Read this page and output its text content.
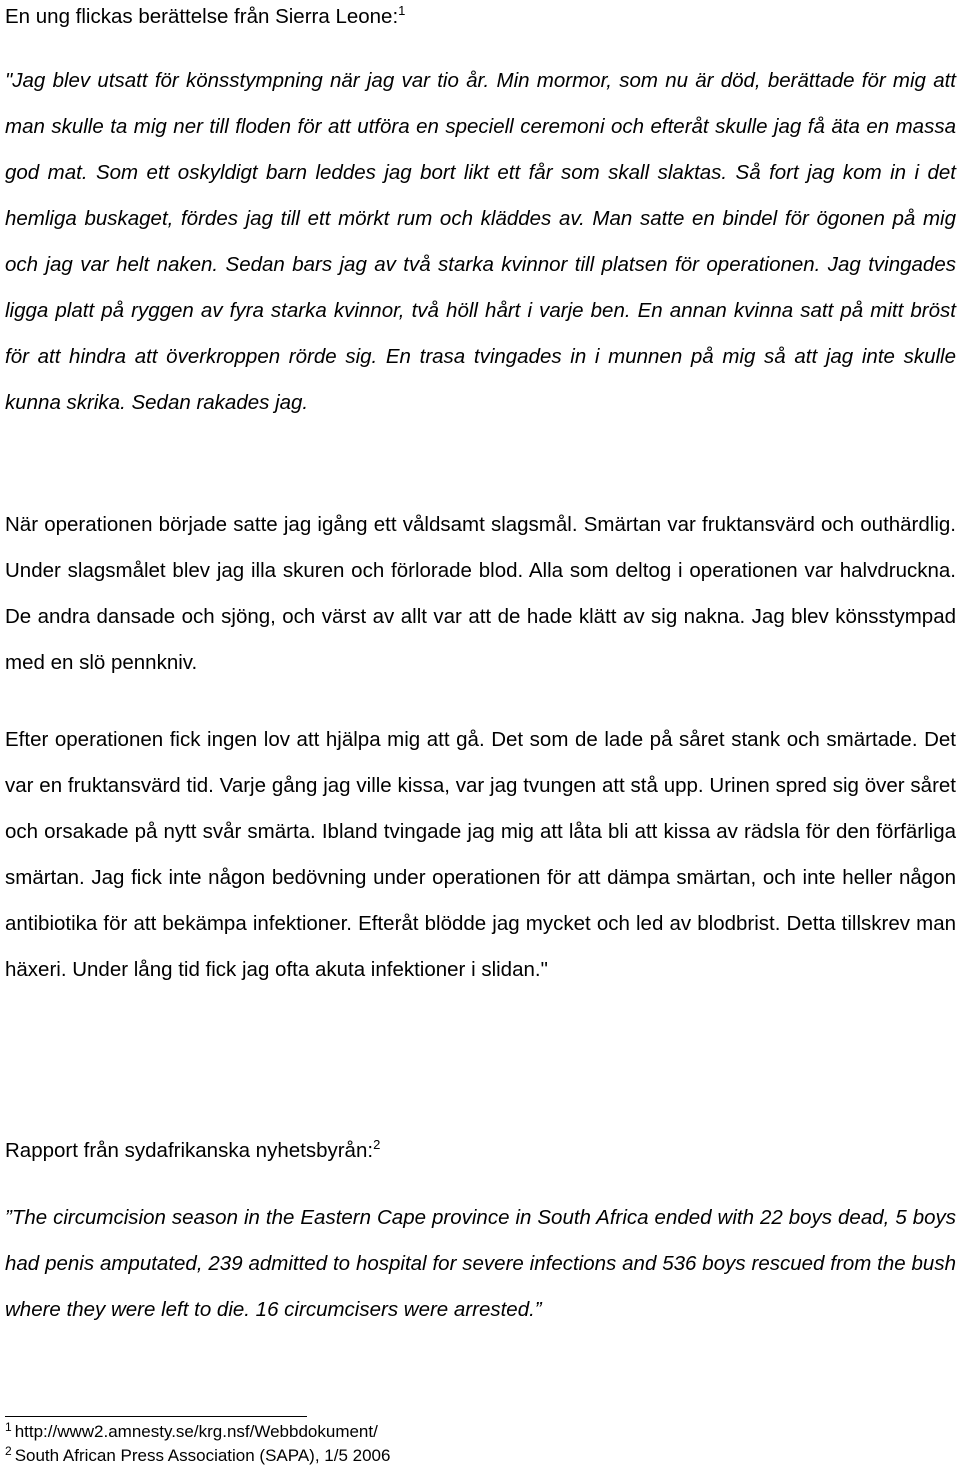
En ung flickas berättelse från Sierra Leone:$^1$

"Jag blev utsatt för könsstympning när jag var tio år. Min mormor, som nu är död, berättade för mig att man skulle ta mig ner till floden för att utföra en speciell ceremoni och efteråt skulle jag få äta en massa god mat. Som ett oskyldigt barn leddes jag bort likt ett får som skall slaktas. Så fort jag kom in i det hemliga buskaget, fördes jag till ett mörkt rum och kläddes av. Man satte en bindel för ögonen på mig och jag var helt naken. Sedan bars jag av två starka kvinnor till platsen för operationen. Jag tvingades ligga platt på ryggen av fyra starka kvinnor, två höll hårt i varje ben. En annan kvinna satt på mitt bröst för att hindra att överkroppen rörde sig. En trasa tvingades in i munnen på mig så att jag inte skulle kunna skrika. Sedan rakades jag.

När operationen började satte jag igång ett våldsamt slagsmål. Smärtan var fruktansvärd och outhärdlig. Under slagsmålet blev jag illa skuren och förlorade blod. Alla som deltog i operationen var halvdruckna. De andra dansade och sjöng, och värst av allt var att de hade klätt av sig nakna. Jag blev könsstympad med en slö pennkniv.

Efter operationen fick ingen lov att hjälpa mig att gå. Det som de lade på såret stank och smärtade. Det var en fruktansvärd tid. Varje gång jag ville kissa, var jag tvungen att stå upp. Urinen spred sig över såret och orsakade på nytt svår smärta. Ibland tvingade jag mig att låta bli att kissa av rädsla för den förfärliga smärtan. Jag fick inte någon bedövning under operationen för att dämpa smärtan, och inte heller någon antibiotika för att bekämpa infektioner. Efteråt blödde jag mycket och led av blodbrist. Detta tillskrev man häxeri. Under lång tid fick jag ofta akuta infektioner i slidan."

Rapport från sydafrikanska nyhetsbyrån:$^2$

”The circumcision season in the Eastern Cape province in South Africa ended with 22 boys dead, 5 boys had penis amputated, 239 admitted to hospital for severe infections and 536 boys rescued from the bush where they were left to die. 16 circumcisers were arrested.”

$^1$ http://www2.amnesty.se/krg.nsf/Webbdokument/

$^2$ South African Press Association (SAPA), 1/5 2006
